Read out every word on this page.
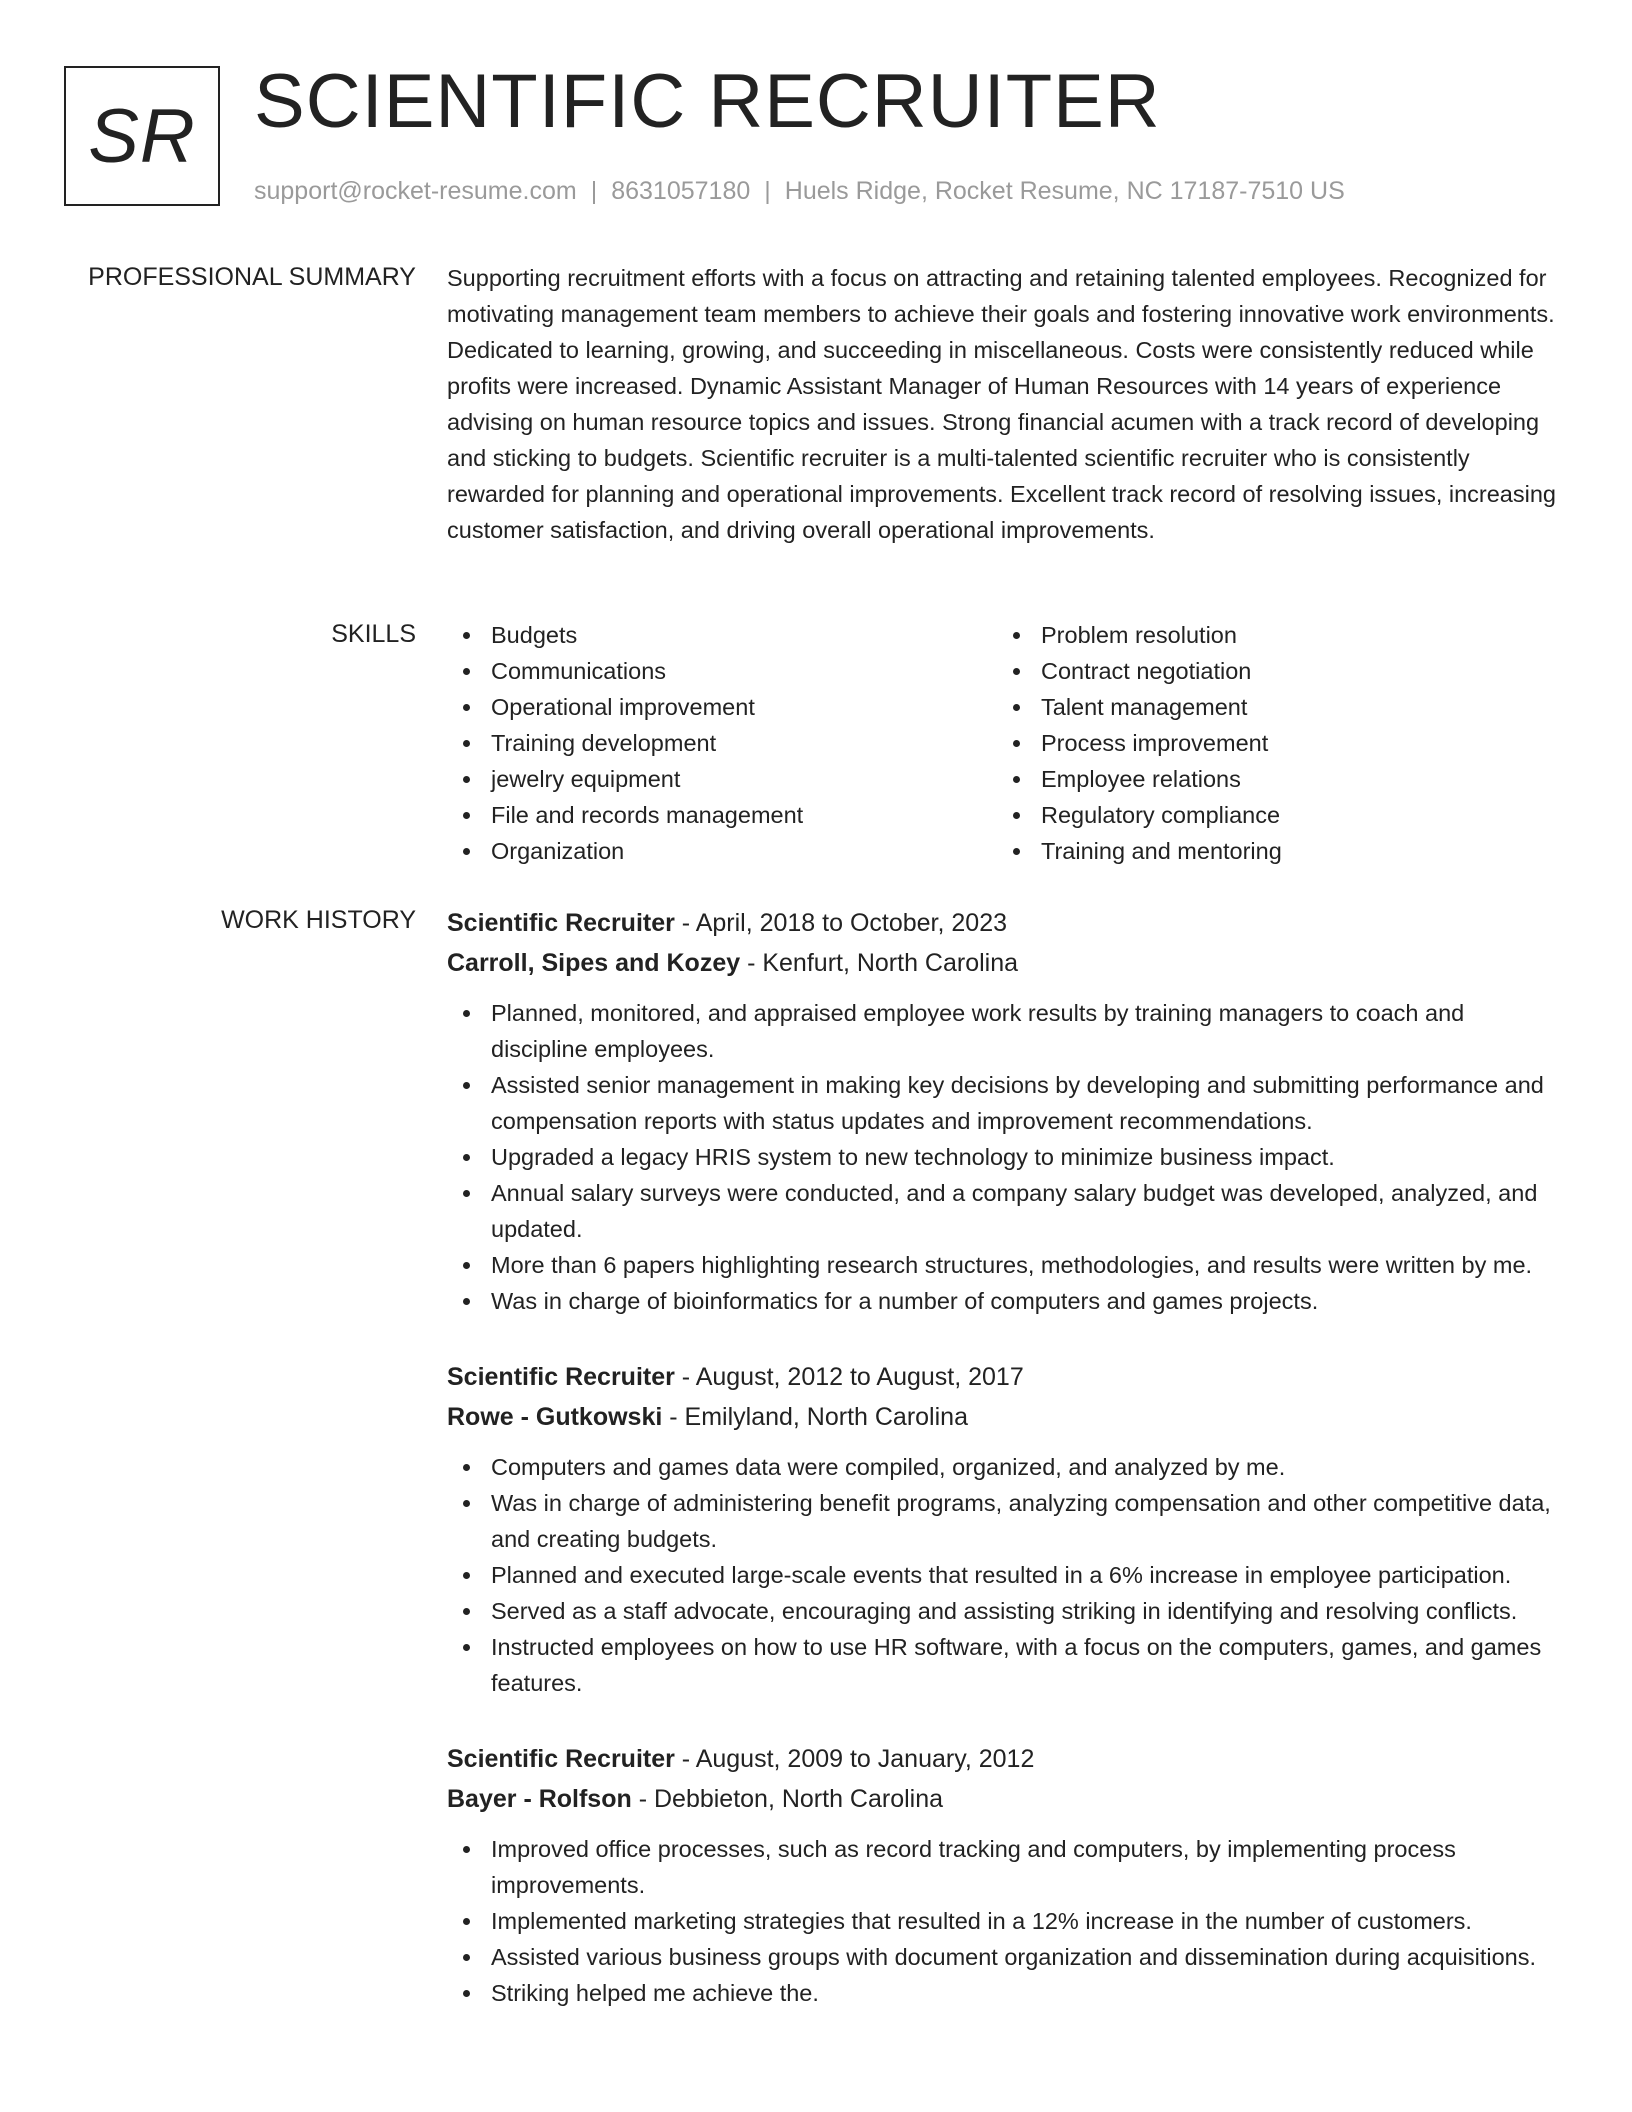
SR SCIENTIFIC RECRUITER
support@rocket-resume.com | 8631057180 | Huels Ridge, Rocket Resume, NC 17187-7510 US
PROFESSIONAL SUMMARY Supporting recruitment efforts with a focus on attracting and retaining talented employees. Recognized for motivating management team members to achieve their goals and fostering innovative work environments. Dedicated to learning, growing, and succeeding in miscellaneous. Costs were consistently reduced while profits were increased. Dynamic Assistant Manager of Human Resources with 14 years of experience advising on human resource topics and issues. Strong financial acumen with a track record of developing and sticking to budgets. Scientific recruiter is a multi-talented scientific recruiter who is consistently rewarded for planning and operational improvements. Excellent track record of resolving issues, increasing customer satisfaction, and driving overall operational improvements.

SKILLS	Budgets
Communications
Operational improvement
Training development
jewelry equipment
File and records management
Organization
Problem resolution
Contract negotiation
Talent management
Process improvement
Employee relations
Regulatory compliance
Training and mentoring
WORK HISTORY Scientific Recruiter - April, 2018 to October, 2023
Carroll, Sipes and Kozey - Kenfurt, North Carolina
Planned, monitored, and appraised employee work results by training managers to coach and discipline employees.
Assisted senior management in making key decisions by developing and submitting performance and compensation reports with status updates and improvement recommendations.
Upgraded a legacy HRIS system to new technology to minimize business impact.
Annual salary surveys were conducted, and a company salary budget was developed, analyzed, and updated.
More than 6 papers highlighting research structures, methodologies, and results were written by me.
Was in charge of bioinformatics for a number of computers and games projects.
Scientific Recruiter - August, 2012 to August, 2017
Rowe - Gutkowski - Emilyland, North Carolina
Computers and games data were compiled, organized, and analyzed by me.
Was in charge of administering benefit programs, analyzing compensation and other competitive data, and creating budgets.
Planned and executed large-scale events that resulted in a 6% increase in employee participation.
Served as a staff advocate, encouraging and assisting striking in identifying and resolving conflicts.
Instructed employees on how to use HR software, with a focus on the computers, games, and games features.
Scientific Recruiter - August, 2009 to January, 2012
Bayer - Rolfson - Debbieton, North Carolina
Improved office processes, such as record tracking and computers, by implementing process improvements.
Implemented marketing strategies that resulted in a 12% increase in the number of customers.
Assisted various business groups with document organization and dissemination during acquisitions.
Striking helped me achieve the.
